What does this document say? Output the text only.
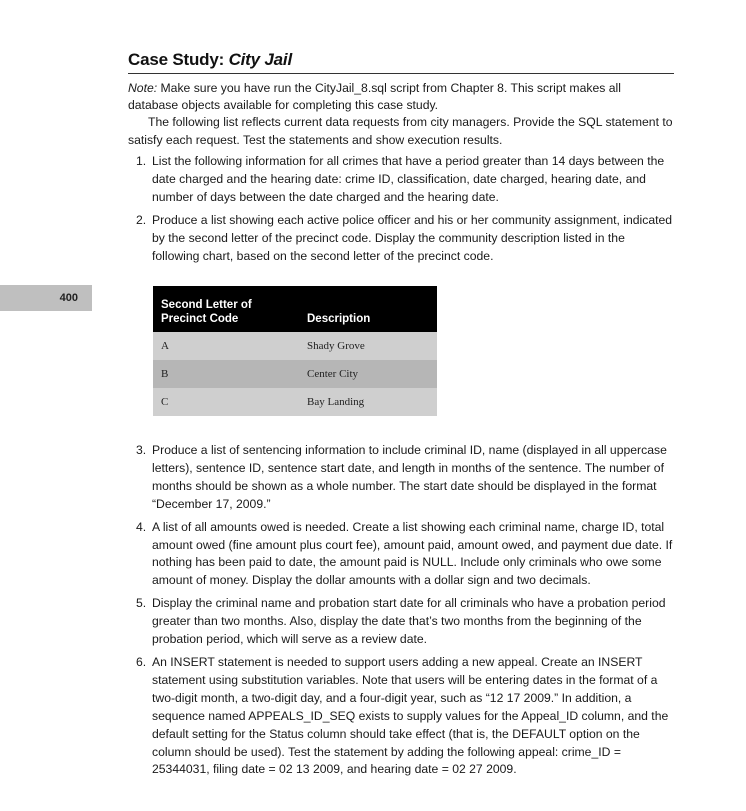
400
Case Study: City Jail

Note: Make sure you have run the CityJail_8.sql script from Chapter 8. This script makes all database objects available for completing this case study.

The following list reflects current data requests from city managers. Provide the SQL statement to satisfy each request. Test the statements and show execution results.

1. List the following information for all crimes that have a period greater than 14 days between the date charged and the hearing date: crime ID, classification, date charged, hearing date, and number of days between the date charged and the hearing date.
2. Produce a list showing each active police officer and his or her community assignment, indicated by the second letter of the precinct code. Display the community description listed in the following chart, based on the second letter of the precinct code.
Second Letter of Precinct Code	Description
A	Shady Grove
B	Center City
C	Bay Landing
3. Produce a list of sentencing information to include criminal ID, name (displayed in all uppercase letters), sentence ID, sentence start date, and length in months of the sentence. The number of months should be shown as a whole number. The start date should be displayed in the format “December 17, 2009.”
4. A list of all amounts owed is needed. Create a list showing each criminal name, charge ID, total amount owed (fine amount plus court fee), amount paid, amount owed, and payment due date. If nothing has been paid to date, the amount paid is NULL. Include only criminals who owe some amount of money. Display the dollar amounts with a dollar sign and two decimals.
5. Display the criminal name and probation start date for all criminals who have a probation period greater than two months. Also, display the date that’s two months from the beginning of the probation period, which will serve as a review date.
6. An INSERT statement is needed to support users adding a new appeal. Create an INSERT statement using substitution variables. Note that users will be entering dates in the format of a two-digit month, a two-digit day, and a four-digit year, such as “12 17 2009.” In addition, a sequence named APPEALS_ID_SEQ exists to supply values for the Appeal_ID column, and the default setting for the Status column should take effect (that is, the DEFAULT option on the column should be used). Test the statement by adding the following appeal: crime_ID = 25344031, filing date = 02 13 2009, and hearing date = 02 27 2009.
